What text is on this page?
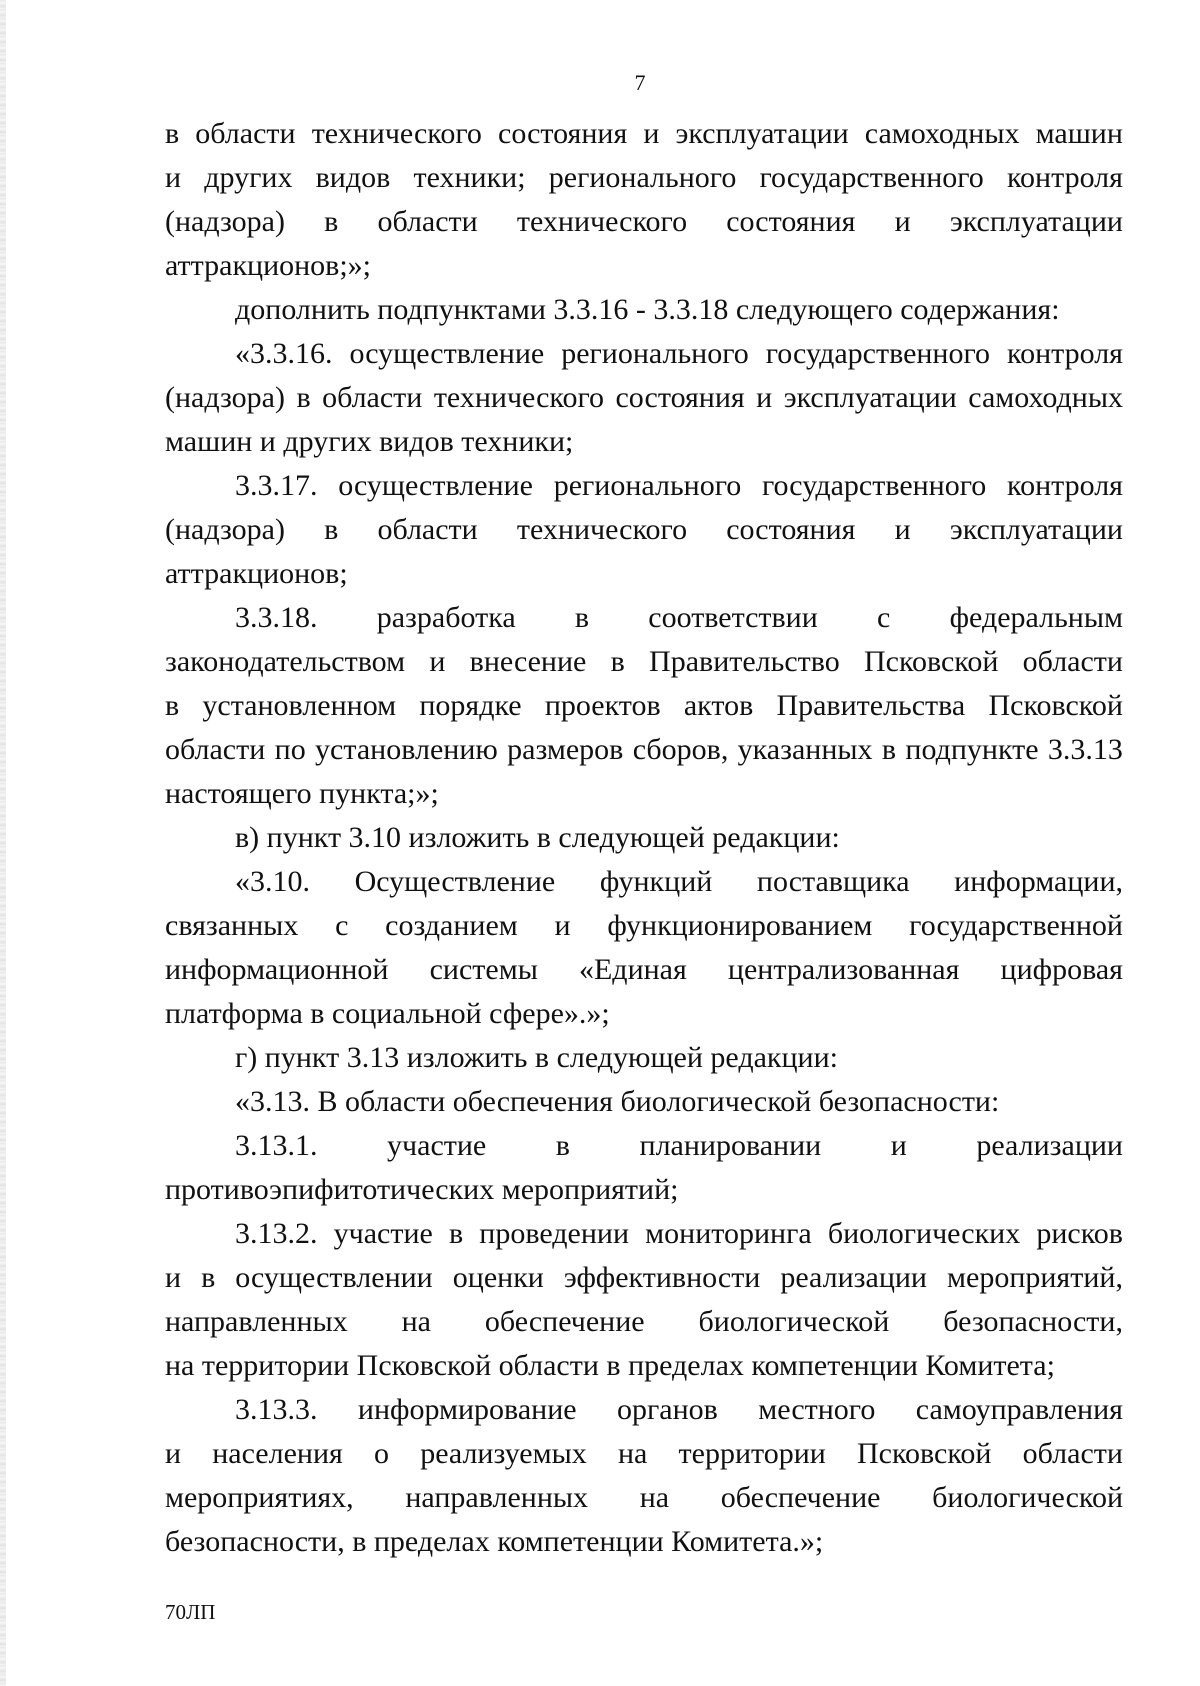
7
в области технического состояния и эксплуатации самоходных машин
и других видов техники; регионального государственного контроля
(надзора) в области технического состояния и эксплуатации
аттракционов;»;
дополнить подпунктами 3.3.16 - 3.3.18 следующего содержания:
«3.3.16. осуществление регионального государственного контроля
(надзора) в области технического состояния и эксплуатации самоходных
машин и других видов техники;
3.3.17. осуществление регионального государственного контроля
(надзора) в области технического состояния и эксплуатации
аттракционов;
3.3.18. разработка в соответствии с федеральным
законодательством и внесение в Правительство Псковской области
в установленном порядке проектов актов Правительства Псковской
области по установлению размеров сборов, указанных в подпункте 3.3.13
настоящего пункта;»;
в) пункт 3.10 изложить в следующей редакции:
«3.10. Осуществление функций поставщика информации,
связанных с созданием и функционированием государственной
информационной системы «Единая централизованная цифровая
платформа в социальной сфере».»;
г) пункт 3.13 изложить в следующей редакции:
«3.13. В области обеспечения биологической безопасности:
3.13.1. участие в планировании и реализации
противоэпифитотических мероприятий;
3.13.2. участие в проведении мониторинга биологических рисков
и в осуществлении оценки эффективности реализации мероприятий,
направленных на обеспечение биологической безопасности,
на территории Псковской области в пределах компетенции Комитета;
3.13.3. информирование органов местного самоуправления
и населения о реализуемых на территории Псковской области
мероприятиях, направленных на обеспечение биологической
безопасности, в пределах компетенции Комитета.»;
70ЛП
